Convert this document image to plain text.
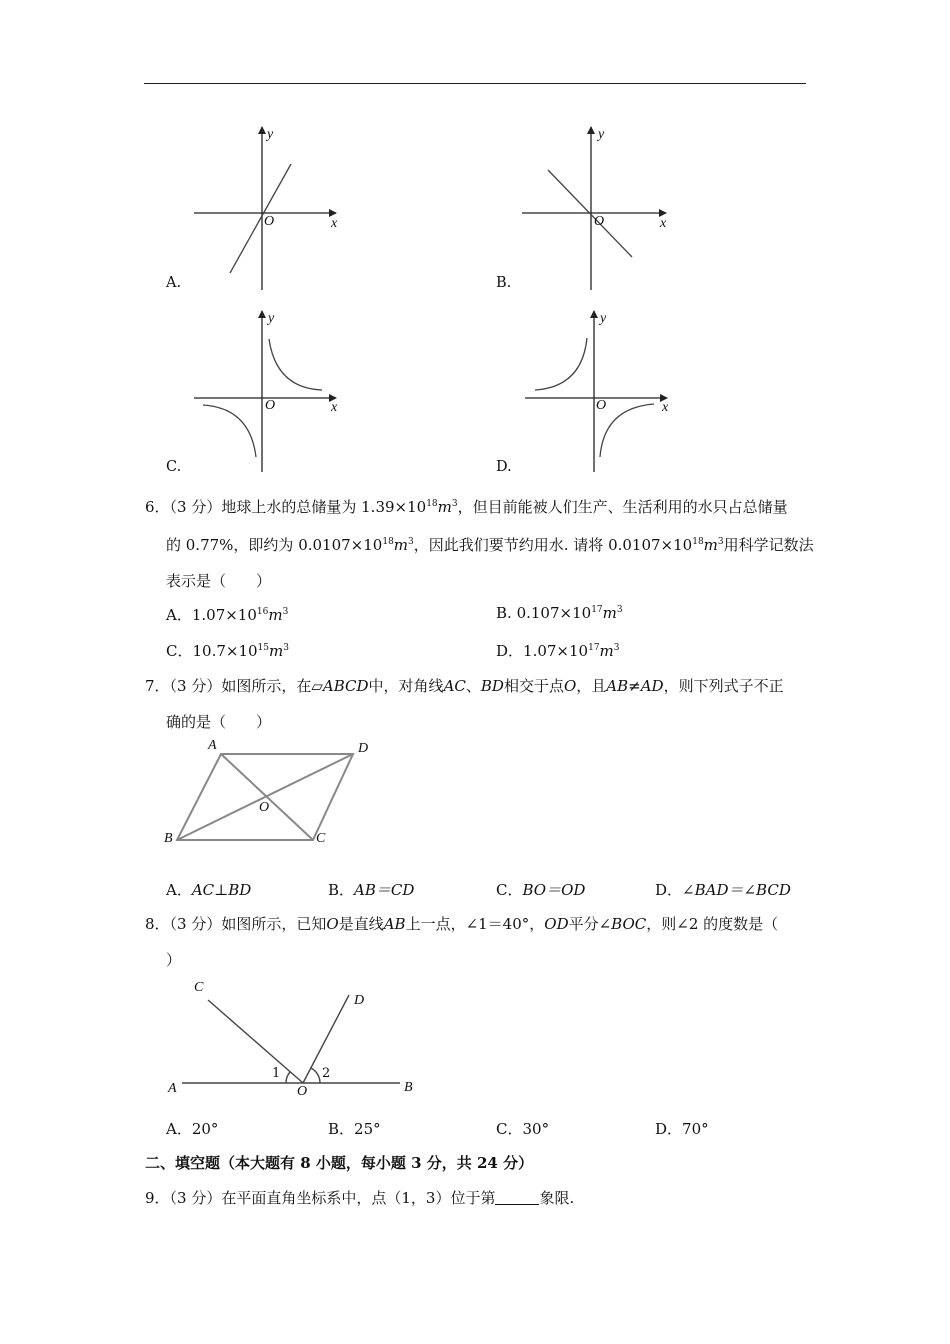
y
x
O
A.
y
x
O
B.
y
x
O
C.
y
x
O
D.
6．（3 分）地球上水的总储量为 $1.39\times 10^{18}m^3$，但目前能被人们生产、生活利用的水只占总储量
的 0.77%，即约为 $0.0107\times 10^{18}m^3$，因此我们要节约用水. 请将 $0.0107\times 10^{18}m^3$用科学记数法
表示是（　　）
A．$1.07\times 10^{16}m^3$	B. $0.107\times 10^{17}m^3$
C．$10.7\times 10^{15}m^3$	D．$1.07\times 10^{17}m^3$
7．（3 分）如图所示，在▱ABCD中，对角线AC、BD相交于点O，且AB≠AD，则下列式子不正
确的是（　　）
A	D
B	C
O
A．AC⊥BD	B．AB＝CD	C．BO＝OD	D．∠BAD＝∠BCD
8．（3 分）如图所示，已知O是直线AB上一点，∠1＝40°，OD平分∠BOC，则∠2 的度数是（
）
C
D
A	B
O
1	2
A．20°	B．25°	C．30°	D．70°
二、填空题（本大题有 8 小题，每小题 3 分，共 24 分）
9．（3 分）在平面直角坐标系中，点（1，3）位于第	象限.
